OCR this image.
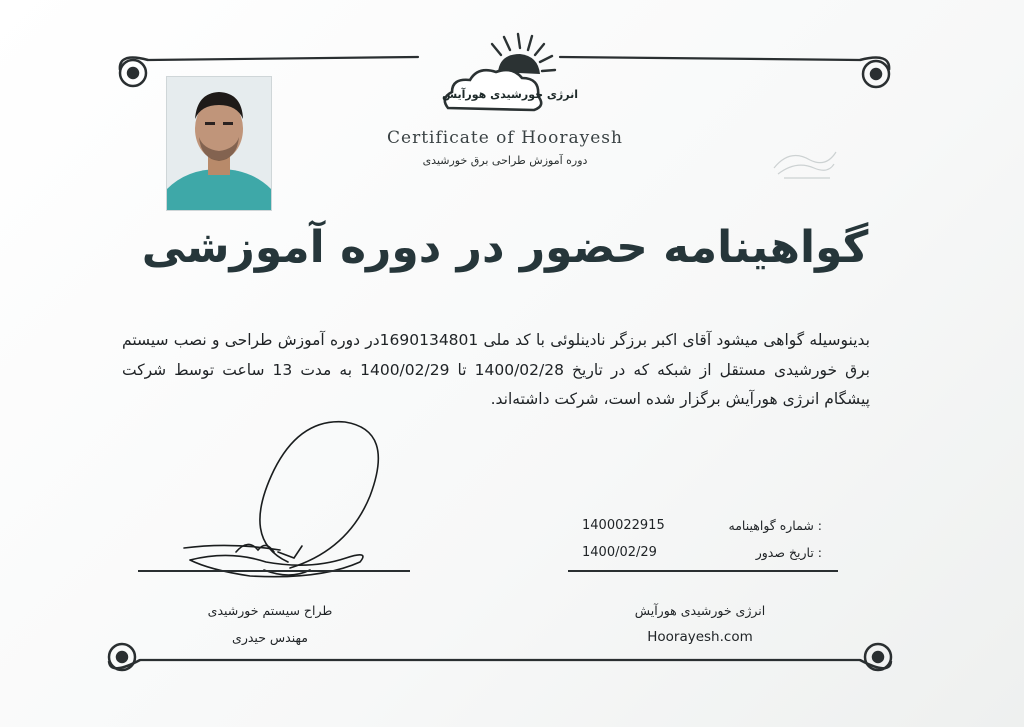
انرژی خورشیدی هورآیش
Certificate of Hoorayesh
دوره آموزش طراحی برق خورشیدی
گواهینامه حضور در دوره آموزشی
بدینوسیله گواهی میشود آقای اکبر برزگر نادینلوئی با کد ملی 1690134801در دوره آموزش طراحی و نصب سیستم برق خورشیدی مستقل از شبکه که در تاریخ 1400/02/28 تا 1400/02/29 به مدت 13 ساعت توسط شرکت پیشگام انرژی هورآیش برگزار شده است، شرکت داشته‌اند.
: شماره گواهینامه
1400022915
: تاریخ صدور
1400/02/29
طراح سیستم خورشیدی
مهندس حیدری
انرژی خورشیدی هورآیش
Hoorayesh.com
